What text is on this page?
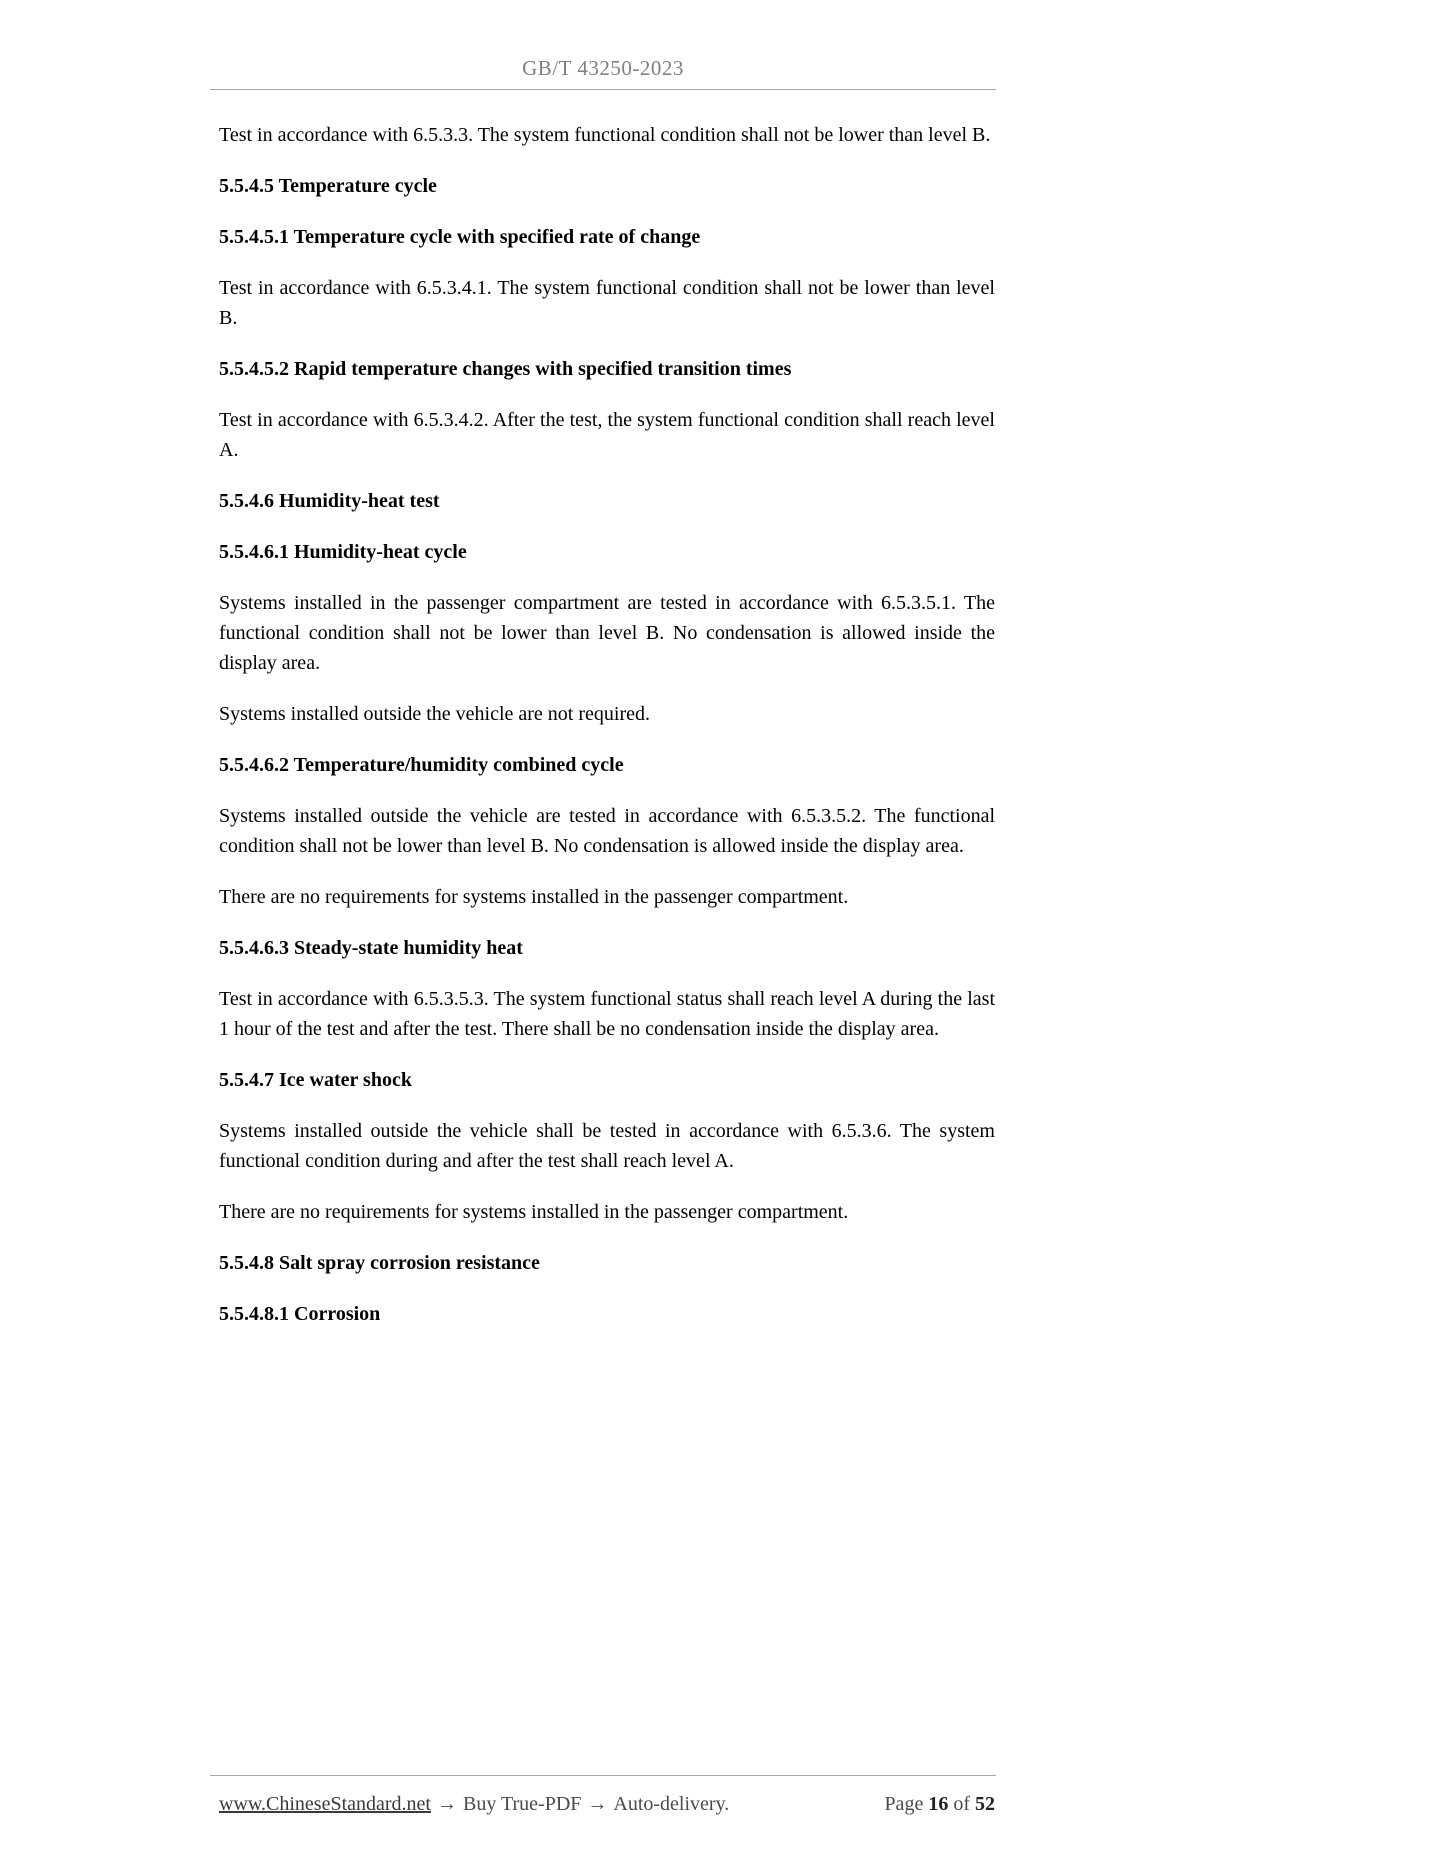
GB/T 43250-2023

Test in accordance with 6.5.3.3. The system functional condition shall not be lower than level B.

5.5.4.5 Temperature cycle
5.5.4.5.1 Temperature cycle with specified rate of change

Test in accordance with 6.5.3.4.1. The system functional condition shall not be lower than level B.

5.5.4.5.2 Rapid temperature changes with specified transition times

Test in accordance with 6.5.3.4.2. After the test, the system functional condition shall reach level A.

5.5.4.6 Humidity-heat test
5.5.4.6.1 Humidity-heat cycle

Systems installed in the passenger compartment are tested in accordance with 6.5.3.5.1. The functional condition shall not be lower than level B. No condensation is allowed inside the display area.

Systems installed outside the vehicle are not required.

5.5.4.6.2 Temperature/humidity combined cycle

Systems installed outside the vehicle are tested in accordance with 6.5.3.5.2. The functional condition shall not be lower than level B. No condensation is allowed inside the display area.

There are no requirements for systems installed in the passenger compartment.

5.5.4.6.3 Steady-state humidity heat

Test in accordance with 6.5.3.5.3. The system functional status shall reach level A during the last 1 hour of the test and after the test. There shall be no condensation inside the display area.

5.5.4.7 Ice water shock

Systems installed outside the vehicle shall be tested in accordance with 6.5.3.6. The system functional condition during and after the test shall reach level A.

There are no requirements for systems installed in the passenger compartment.

5.5.4.8 Salt spray corrosion resistance
5.5.4.8.1 Corrosion
www.ChineseStandard.net → Buy True-PDF → Auto-delivery.	Page 16 of 52
